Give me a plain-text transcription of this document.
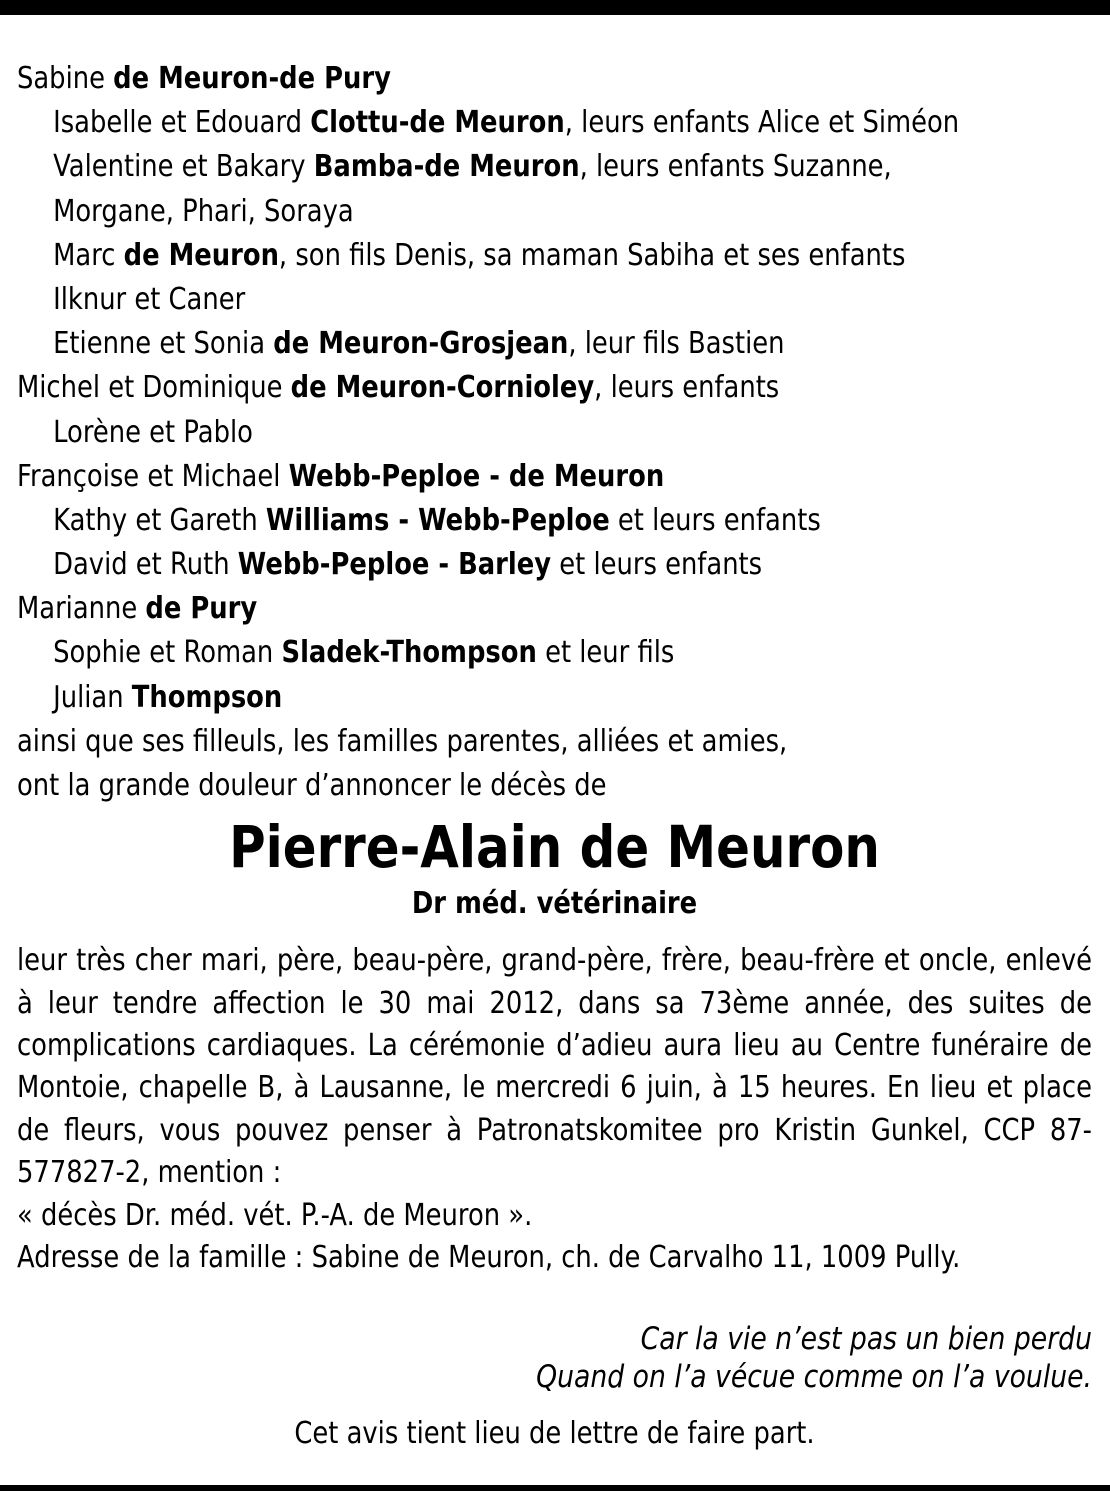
Sabine de Meuron-de Pury
Isabelle et Edouard Clottu-de Meuron, leurs enfants Alice et Siméon
Valentine et Bakary Bamba-de Meuron, leurs enfants Suzanne,
Morgane, Phari, Soraya
Marc de Meuron, son fils Denis, sa maman Sabiha et ses enfants
Ilknur et Caner
Etienne et Sonia de Meuron-Grosjean, leur fils Bastien
Michel et Dominique de Meuron-Cornioley, leurs enfants
Lorène et Pablo
Françoise et Michael Webb-Peploe - de Meuron
Kathy et Gareth Williams - Webb-Peploe et leurs enfants
David et Ruth Webb-Peploe - Barley et leurs enfants
Marianne de Pury
Sophie et Roman Sladek-Thompson et leur fils
Julian Thompson
ainsi que ses filleuls, les familles parentes, alliées et amies,
ont la grande douleur d’annoncer le décès de
Pierre-Alain de Meuron
Dr méd. vétérinaire
leur très cher mari, père, beau-père, grand-père, frère, beau-frère et oncle, enlevé à leur tendre affection le 30 mai 2012, dans sa 73ème année, des suites de complications cardiaques. La cérémonie d’adieu aura lieu au Centre funéraire de Montoie, chapelle B, à Lausanne, le mercredi 6 juin, à 15 heures. En lieu et place de fleurs, vous pouvez penser à Patronatskomitee pro Kristin Gunkel, CCP 87-577827-2, mention :
« décès Dr. méd. vét. P.-A. de Meuron ».
Adresse de la famille : Sabine de Meuron, ch. de Carvalho 11, 1009 Pully.
Car la vie n’est pas un bien perdu
Quand on l’a vécue comme on l’a voulue.
Cet avis tient lieu de lettre de faire part.
